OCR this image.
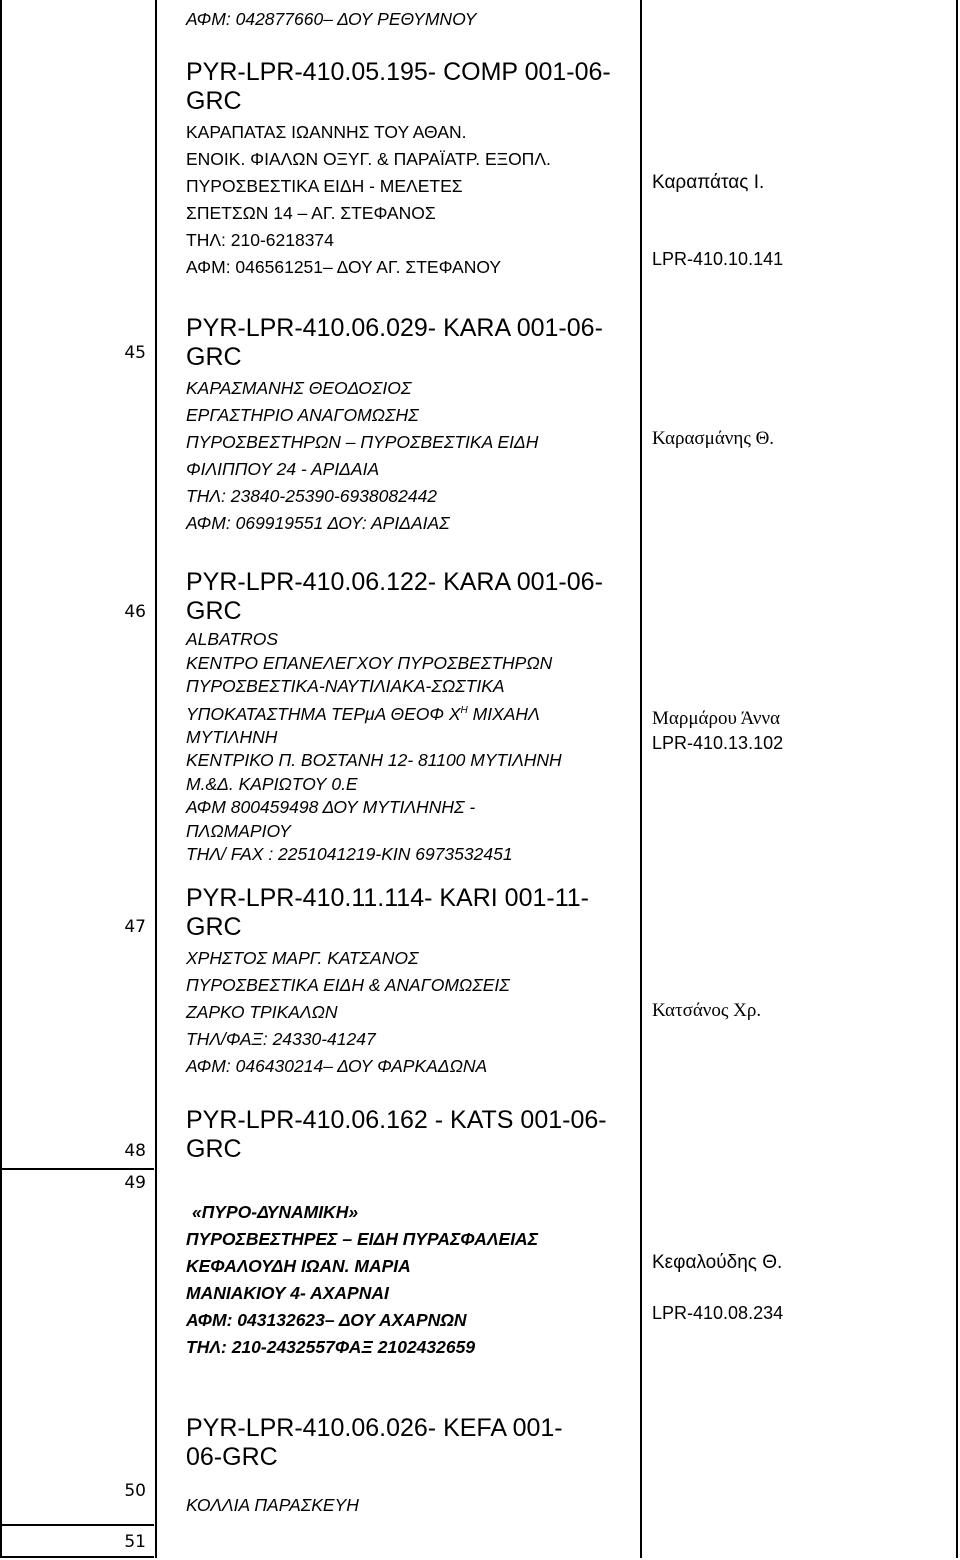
45
46
47
48
49
50
51
ΑΦΜ: 042877660– ΔΟΥ ΡΕΘΥΜΝΟΥ
PYR-LPR-410.05.195- COMP 001-06-
GRC
ΚΑΡΑΠΑΤΑΣ ΙΩΑΝΝΗΣ ΤΟΥ ΑΘΑΝ.
ΕΝΟΙΚ. ΦΙΑΛΩΝ ΟΞΥΓ. & ΠΑΡΑΪΑΤΡ. ΕΞΟΠΛ.
ΠΥΡΟΣΒΕΣΤΙΚΑ ΕΙΔΗ - ΜΕΛΕΤΕΣ
ΣΠΕΤΣΩΝ 14 – ΑΓ. ΣΤΕΦΑΝΟΣ
ΤΗΛ: 210-6218374
ΑΦΜ: 046561251– ΔΟΥ ΑΓ. ΣΤΕΦΑΝΟΥ
Καραπάτας Ι.
LPR-410.10.141
PYR-LPR-410.06.029- KARA 001-06-
GRC
ΚΑΡΑΣΜΑΝΗΣ ΘΕΟΔΟΣΙΟΣ
ΕΡΓΑΣΤΗΡΙΟ ΑΝΑΓΟΜΩΣΗΣ
ΠΥΡΟΣΒΕΣΤΗΡΩΝ – ΠΥΡΟΣΒΕΣΤΙΚΑ ΕΙΔΗ
ΦΙΛΙΠΠΟΥ 24 - ΑΡΙΔΑΙΑ
ΤΗΛ: 23840-25390-6938082442
ΑΦΜ: 069919551 ΔΟΥ: ΑΡΙΔΑΙΑΣ
Καρασμάνης Θ.
PYR-LPR-410.06.122- KARA 001-06-
GRC
ALBATROS
ΚΕΝΤΡΟ ΕΠΑΝΕΛΕΓΧΟΥ ΠΥΡΟΣΒΕΣΤΗΡΩΝ
ΠΥΡΟΣΒΕΣΤΙΚΑ-ΝΑΥΤΙΛΙΑΚΑ-ΣΩΣΤΙΚΑ
ΥΠΟΚΑΤΑΣΤΗΜΑ ΤΕΡμΑ ΘΕΟΦ $X^H$ ΜΙΧΑΗΛ
ΜΥΤΙΛΗΝΗ
ΚΕΝΤΡΙΚΟ Π. ΒΟΣΤΑΝΗ 12- 81100 ΜΥΤΙΛΗΝΗ
Μ.&Δ. ΚΑΡΙΩΤΟΥ 0.Ε
ΑΦΜ 800459498 ΔΟΥ ΜΥΤΙΛΗΝΗΣ -
ΠΛΩΜΑΡΙΟΥ
ΤΗΛ/ FAX : 2251041219-ΚΙΝ 6973532451
Μαρμάρου Άννα
LPR-410.13.102
PYR-LPR-410.11.114- KARI 001-11-
GRC
ΧΡΗΣΤΟΣ ΜΑΡΓ. ΚΑΤΣΑΝΟΣ
ΠΥΡΟΣΒΕΣΤΙΚΑ ΕΙΔΗ & ΑΝΑΓΟΜΩΣΕΙΣ
ΖΑΡΚΟ ΤΡΙΚΑΛΩΝ
ΤΗΛ/ΦΑΞ: 24330-41247
ΑΦΜ: 046430214– ΔΟΥ ΦΑΡΚΑΔΩΝΑ
Κατσάνος Χρ.
PYR-LPR-410.06.162 - KATS 001-06-
GRC
«ΠΥΡΟ-ΔΥΝΑΜΙΚΗ»
ΠΥΡΟΣΒΕΣΤΗΡΕΣ – ΕΙΔΗ ΠΥΡΑΣΦΑΛΕΙΑΣ
ΚΕΦΑΛΟΥΔΗ ΙΩΑΝ. ΜΑΡΙΑ
ΜΑΝΙΑΚΙΟΥ 4- ΑΧΑΡΝΑΙ
ΑΦΜ: 043132623– ΔΟΥ ΑΧΑΡΝΩΝ
ΤΗΛ: 210-2432557ΦΑΞ 2102432659
Κεφαλούδης Θ.
LPR-410.08.234
PYR-LPR-410.06.026- KEFA 001-
06-GRC
ΚΟΛΛΙΑ ΠΑΡΑΣΚΕΥΗ
